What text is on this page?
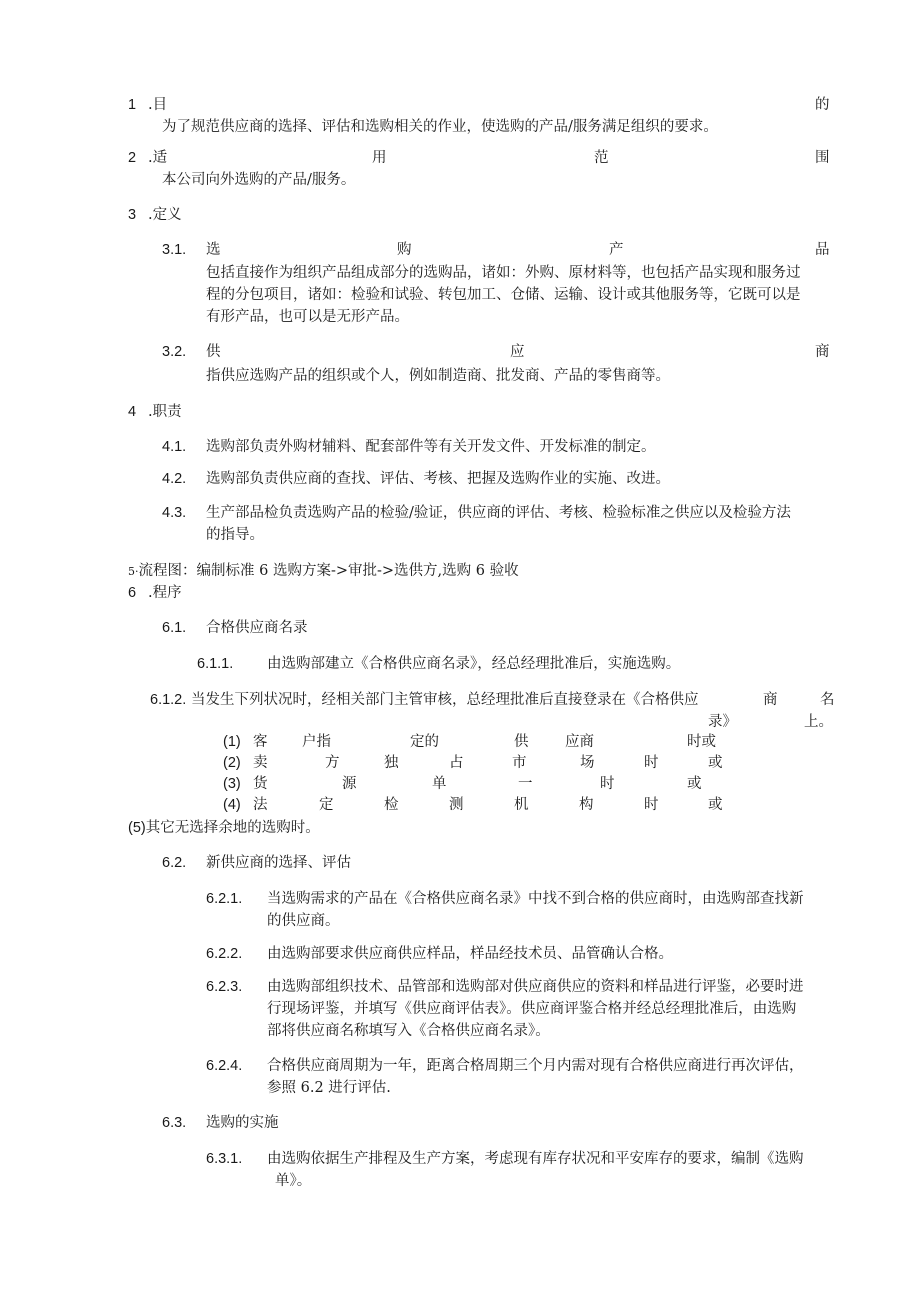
1 .目	的
为了规范供应商的选择、评估和选购相关的作业，使选购的产品/服务满足组织的要求。
2 .适	用	范	围
本公司向外选购的产品/服务。
3 .定义
3.1. 选	购	产	品
包括直接作为组织产品组成部分的选购品，诸如：外购、原材料等，也包括产品实现和服务过
程的分包项目，诸如：检验和试验、转包加工、仓储、运输、设计或其他服务等，它既可以是
有形产品，也可以是无形产品。
3.2. 供	应	商
指供应选购产品的组织或个人，例如制造商、批发商、产品的零售商等。
4 .职责
4.1. 选购部负责外购材辅料、配套部件等有关开发文件、开发标准的制定。
4.2. 选购部负责供应商的查找、评估、考核、把握及选购作业的实施、改进。
4.3. 生产部品检负责选购产品的检验/验证，供应商的评估、考核、检验标准之供应以及检验方法
的指导。
5·流程图：编制标准 6 选购方案->审批->选供方,选购 6 验收
6 .程序
6.1. 合格供应商名录
6.1.1. 由选购部建立《合格供应商名录》，经总经理批准后，实施选购。
6.1.2. 当发生下列状况时，经相关部门主管审核，总经理批准后直接登录在《合格供应	商	名
录》	上。
(1) 客 户指	定的	供	应商	时或
(2) 卖	方	独	占	市	场	时	或
(3) 货	源	单	一	时	或
(4) 法	定	检	测	机	构	时	或
(5)其它无选择余地的选购时。
6.2. 新供应商的选择、评估
6.2.1. 当选购需求的产品在《合格供应商名录》中找不到合格的供应商时，由选购部查找新
的供应商。
6.2.2. 由选购部要求供应商供应样品，样品经技术员、品管确认合格。
6.2.3. 由选购部组织技术、品管部和选购部对供应商供应的资料和样品进行评鉴，必要时进
行现场评鉴，并填写《供应商评估表》。供应商评鉴合格并经总经理批准后，由选购
部将供应商名称填写入《合格供应商名录》。
6.2.4. 合格供应商周期为一年，距离合格周期三个月内需对现有合格供应商进行再次评估，
参照 6.2 进行评估.
6.3. 选购的实施
6.3.1. 由选购依据生产排程及生产方案，考虑现有库存状况和平安库存的要求，编制《选购
单》。
